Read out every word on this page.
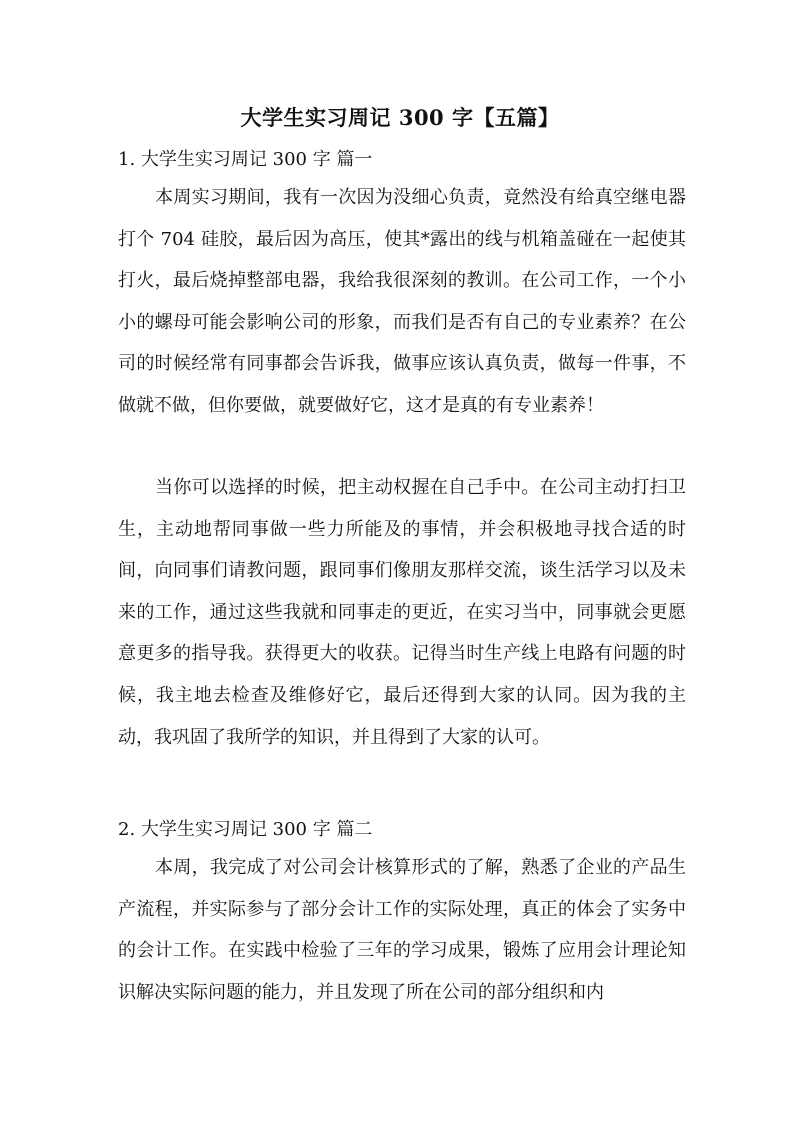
大学生实习周记 300 字【五篇】
1. 大学生实习周记 300 字 篇一

本周实习期间，我有一次因为没细心负责，竟然没有给真空继电器打个 704 硅胶，最后因为高压，使其*露出的线与机箱盖碰在一起使其打火，最后烧掉整部电器，我给我很深刻的教训。在公司工作，一个小小的螺母可能会影响公司的形象，而我们是否有自己的专业素养？在公司的时候经常有同事都会告诉我，做事应该认真负责，做每一件事，不做就不做，但你要做，就要做好它，这才是真的有专业素养！

当你可以选择的时候，把主动权握在自己手中。在公司主动打扫卫生，主动地帮同事做一些力所能及的事情，并会积极地寻找合适的时间，向同事们请教问题，跟同事们像朋友那样交流，谈生活学习以及未来的工作，通过这些我就和同事走的更近，在实习当中，同事就会更愿意更多的指导我。获得更大的收获。记得当时生产线上电路有问题的时候，我主地去检查及维修好它，最后还得到大家的认同。因为我的主动，我巩固了我所学的知识，并且得到了大家的认可。

2. 大学生实习周记 300 字 篇二

本周，我完成了对公司会计核算形式的了解，熟悉了企业的产品生产流程，并实际参与了部分会计工作的实际处理，真正的体会了实务中的会计工作。在实践中检验了三年的学习成果，锻炼了应用会计理论知识解决实际问题的能力，并且发现了所在公司的部分组织和内
